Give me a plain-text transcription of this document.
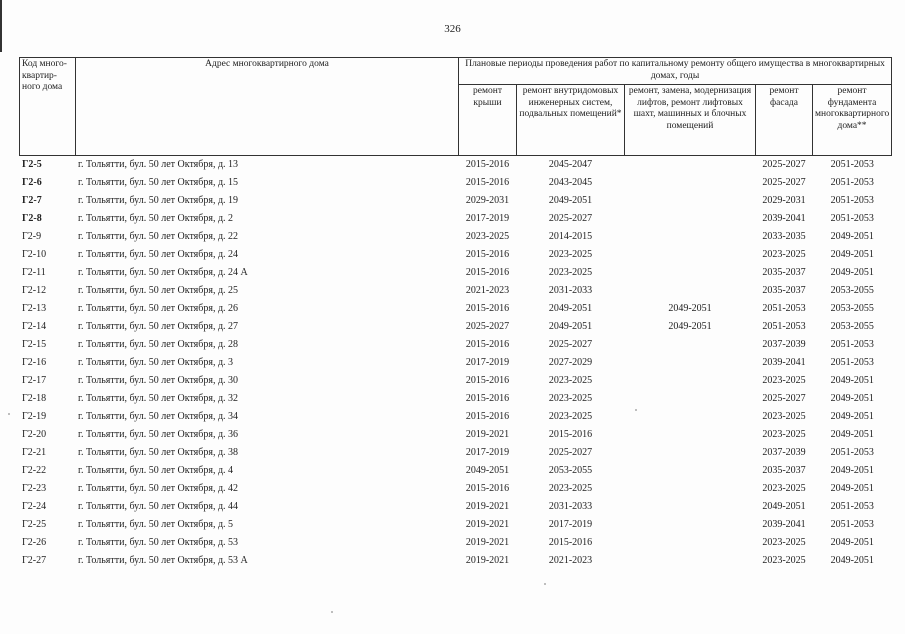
326
Код много-квартир-ного дома	Адрес многоквартирного дома	Плановые периоды проведения работ по капитальному ремонту общего имущества в многоквартирных домах, годы				
		ремонт крыши	ремонт внутридомовых инженерных систем, подвальных помещений*	ремонт, замена, модернизация лифтов, ремонт лифтовых шахт, машинных и блочных помещений	ремонт фасада	ремонт фундамента многоквартирного дома**
Г2-5	г. Тольятти, бул. 50 лет Октября, д. 13	2015-2016	2045-2047		2025-2027	2051-2053
Г2-6	г. Тольятти, бул. 50 лет Октября, д. 15	2015-2016	2043-2045		2025-2027	2051-2053
Г2-7	г. Тольятти, бул. 50 лет Октября, д. 19	2029-2031	2049-2051		2029-2031	2051-2053
Г2-8	г. Тольятти, бул. 50 лет Октября, д. 2	2017-2019	2025-2027		2039-2041	2051-2053
Г2-9	г. Тольятти, бул. 50 лет Октября, д. 22	2023-2025	2014-2015		2033-2035	2049-2051
Г2-10	г. Тольятти, бул. 50 лет Октября, д. 24	2015-2016	2023-2025		2023-2025	2049-2051
Г2-11	г. Тольятти, бул. 50 лет Октября, д. 24 А	2015-2016	2023-2025		2035-2037	2049-2051
Г2-12	г. Тольятти, бул. 50 лет Октября, д. 25	2021-2023	2031-2033		2035-2037	2053-2055
Г2-13	г. Тольятти, бул. 50 лет Октября, д. 26	2015-2016	2049-2051	2049-2051	2051-2053	2053-2055
Г2-14	г. Тольятти, бул. 50 лет Октября, д. 27	2025-2027	2049-2051	2049-2051	2051-2053	2053-2055
Г2-15	г. Тольятти, бул. 50 лет Октября, д. 28	2015-2016	2025-2027		2037-2039	2051-2053
Г2-16	г. Тольятти, бул. 50 лет Октября, д. 3	2017-2019	2027-2029		2039-2041	2051-2053
Г2-17	г. Тольятти, бул. 50 лет Октября, д. 30	2015-2016	2023-2025		2023-2025	2049-2051
Г2-18	г. Тольятти, бул. 50 лет Октября, д. 32	2015-2016	2023-2025		2025-2027	2049-2051
Г2-19	г. Тольятти, бул. 50 лет Октября, д. 34	2015-2016	2023-2025		2023-2025	2049-2051
Г2-20	г. Тольятти, бул. 50 лет Октября, д. 36	2019-2021	2015-2016		2023-2025	2049-2051
Г2-21	г. Тольятти, бул. 50 лет Октября, д. 38	2017-2019	2025-2027		2037-2039	2051-2053
Г2-22	г. Тольятти, бул. 50 лет Октября, д. 4	2049-2051	2053-2055		2035-2037	2049-2051
Г2-23	г. Тольятти, бул. 50 лет Октября, д. 42	2015-2016	2023-2025		2023-2025	2049-2051
Г2-24	г. Тольятти, бул. 50 лет Октября, д. 44	2019-2021	2031-2033		2049-2051	2051-2053
Г2-25	г. Тольятти, бул. 50 лет Октября, д. 5	2019-2021	2017-2019		2039-2041	2051-2053
Г2-26	г. Тольятти, бул. 50 лет Октября, д. 53	2019-2021	2015-2016		2023-2025	2049-2051
Г2-27	г. Тольятти, бул. 50 лет Октября, д. 53 А	2019-2021	2021-2023		2023-2025	2049-2051
